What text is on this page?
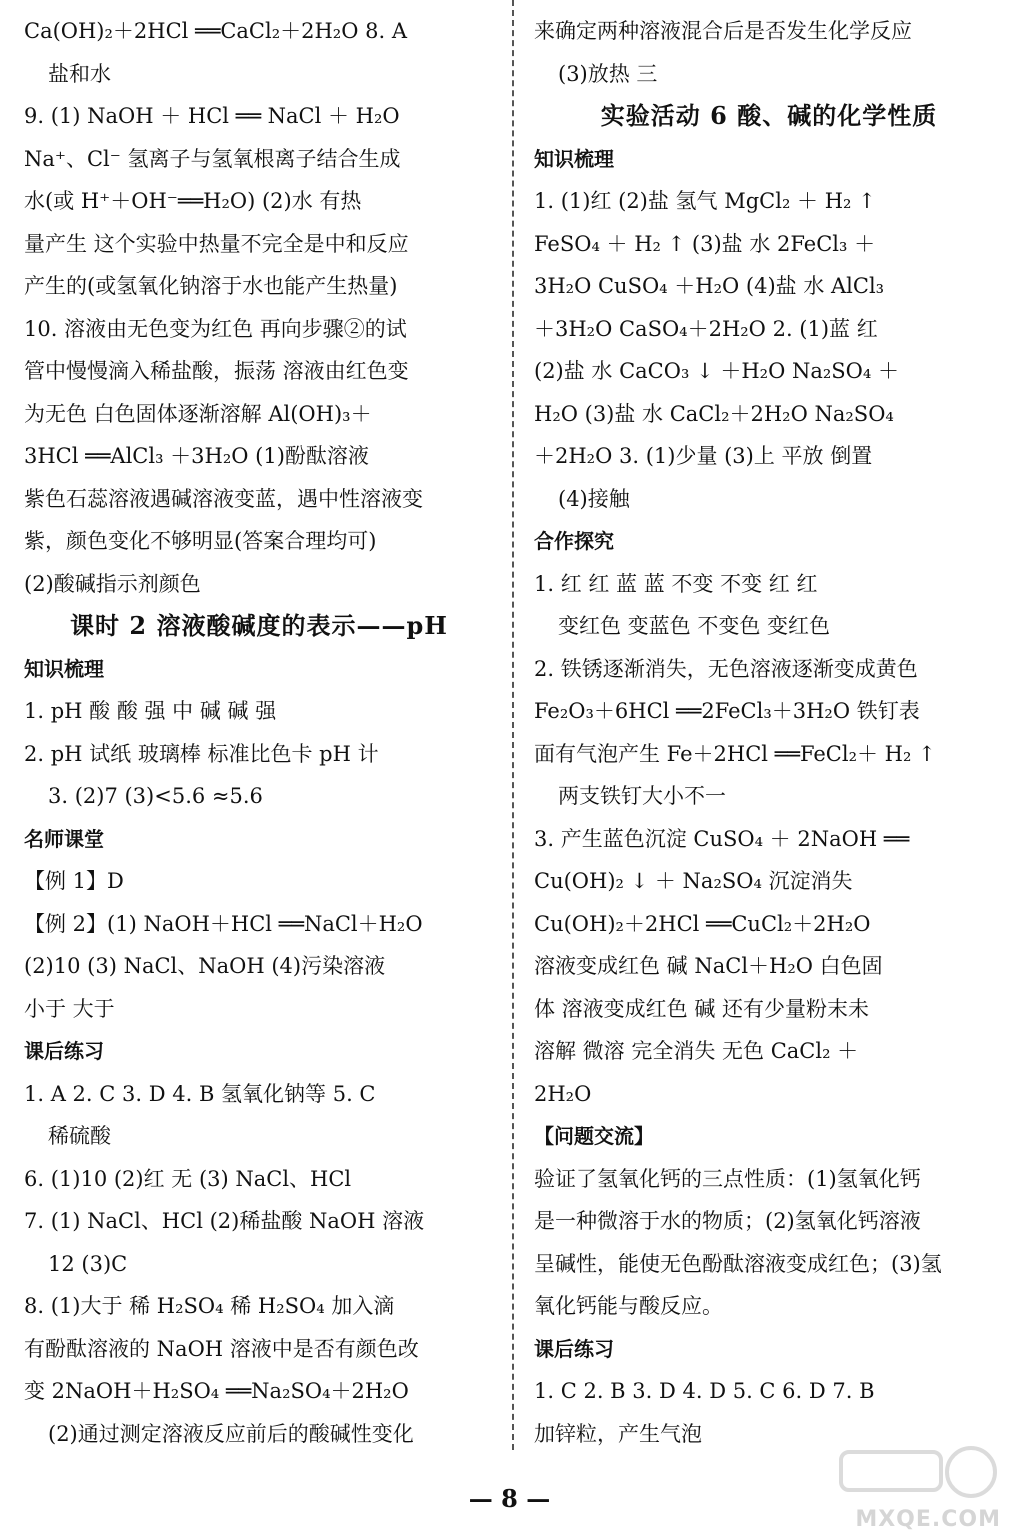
Ca(OH)₂＋2HCl ══CaCl₂＋2H₂O 8. A
盐和水
9. (1) NaOH ＋ HCl ══ NaCl ＋ H₂O
Na⁺、Cl⁻ 氢离子与氢氧根离子结合生成
水(或 H⁺＋OH⁻══H₂O) (2)水 有热
量产生 这个实验中热量不完全是中和反应
产生的(或氢氧化钠溶于水也能产生热量)
10. 溶液由无色变为红色 再向步骤②的试
管中慢慢滴入稀盐酸，振荡 溶液由红色变
为无色 白色固体逐渐溶解 Al(OH)₃＋
3HCl ══AlCl₃ ＋3H₂O (1)酚酞溶液
紫色石蕊溶液遇碱溶液变蓝，遇中性溶液变
紫，颜色变化不够明显(答案合理均可)
(2)酸碱指示剂颜色
课时 2 溶液酸碱度的表示——pH
知识梳理
1. pH 酸 酸 强 中 碱 碱 强
2. pH 试纸 玻璃棒 标准比色卡 pH 计
3. (2)7 (3)<5.6 ≈5.6
名师课堂
【例 1】D
【例 2】(1) NaOH＋HCl ══NaCl＋H₂O
(2)10 (3) NaCl、NaOH (4)污染溶液
小于 大于
课后练习
1. A 2. C 3. D 4. B 氢氧化钠等 5. C
稀硫酸
6. (1)10 (2)红 无 (3) NaCl、HCl
7. (1) NaCl、HCl (2)稀盐酸 NaOH 溶液
12 (3)C
8. (1)大于 稀 H₂SO₄ 稀 H₂SO₄ 加入滴
有酚酞溶液的 NaOH 溶液中是否有颜色改
变 2NaOH＋H₂SO₄ ══Na₂SO₄＋2H₂O
(2)通过测定溶液反应前后的酸碱性变化
来确定两种溶液混合后是否发生化学反应
(3)放热 三
实验活动 6 酸、碱的化学性质
知识梳理
1. (1)红 (2)盐 氢气 MgCl₂ ＋ H₂ ↑
FeSO₄ ＋ H₂ ↑ (3)盐 水 2FeCl₃ ＋
3H₂O CuSO₄ ＋H₂O (4)盐 水 AlCl₃
＋3H₂O CaSO₄＋2H₂O 2. (1)蓝 红
(2)盐 水 CaCO₃ ↓ ＋H₂O Na₂SO₄ ＋
H₂O (3)盐 水 CaCl₂＋2H₂O Na₂SO₄
＋2H₂O 3. (1)少量 (3)上 平放 倒置
(4)接触
合作探究
1. 红 红 蓝 蓝 不变 不变 红 红
变红色 变蓝色 不变色 变红色
2. 铁锈逐渐消失，无色溶液逐渐变成黄色
Fe₂O₃＋6HCl ══2FeCl₃＋3H₂O 铁钉表
面有气泡产生 Fe＋2HCl ══FeCl₂＋ H₂ ↑
两支铁钉大小不一
3. 产生蓝色沉淀 CuSO₄ ＋ 2NaOH ══
Cu(OH)₂ ↓ ＋ Na₂SO₄ 沉淀消失
Cu(OH)₂＋2HCl ══CuCl₂＋2H₂O
溶液变成红色 碱 NaCl＋H₂O 白色固
体 溶液变成红色 碱 还有少量粉末未
溶解 微溶 完全消失 无色 CaCl₂ ＋
2H₂O
【问题交流】
验证了氢氧化钙的三点性质：(1)氢氧化钙
是一种微溶于水的物质；(2)氢氧化钙溶液
呈碱性，能使无色酚酞溶液变成红色；(3)氢
氧化钙能与酸反应。
课后练习
1. C 2. B 3. D 4. D 5. C 6. D 7. B
加锌粒，产生气泡
— 8 —
MXQE.COM
